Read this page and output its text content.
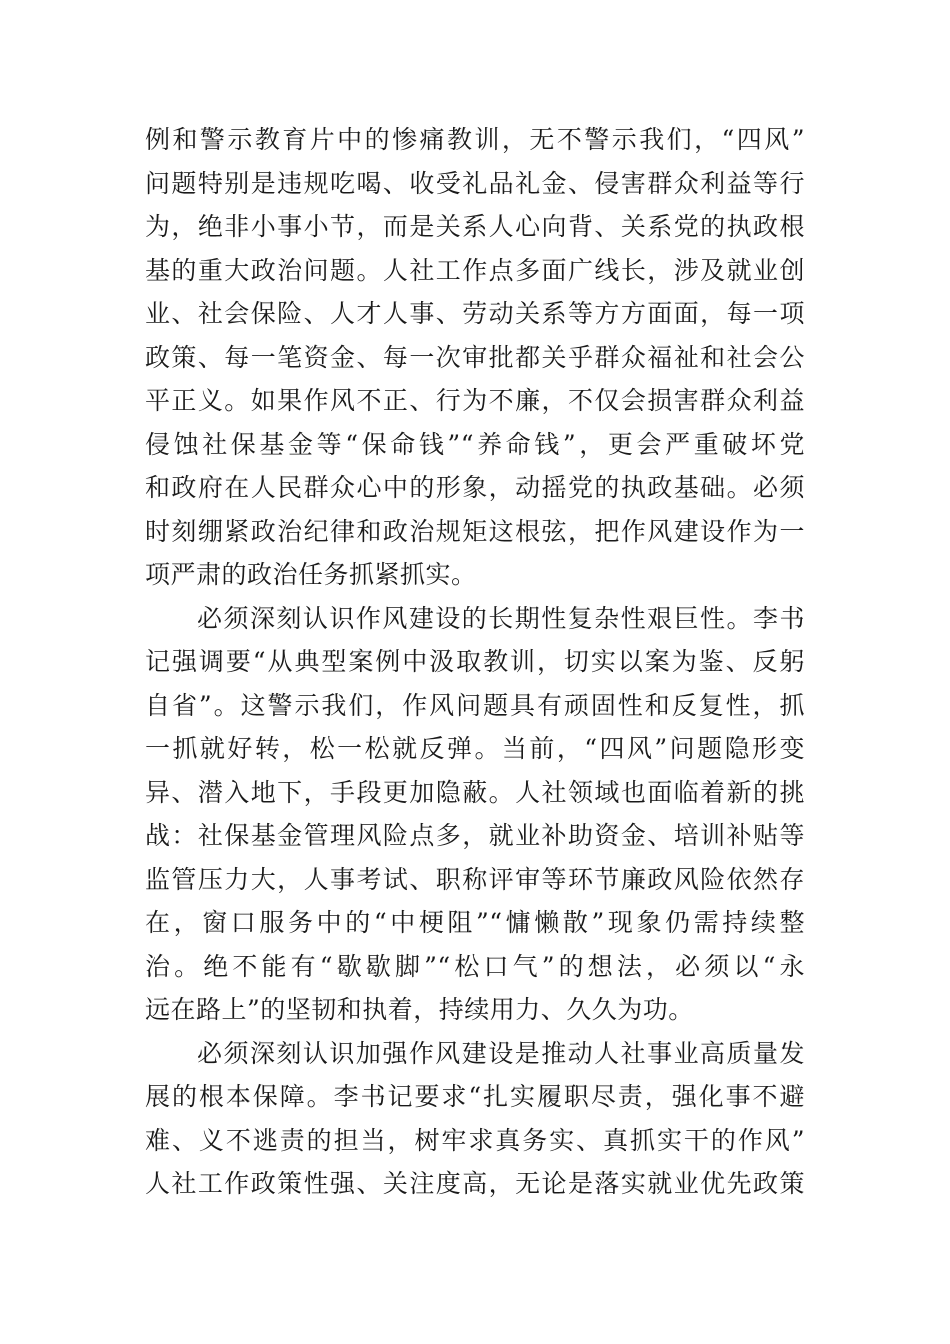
例和警示教育片中的惨痛教训，无不警示我们，“四风”
问题特别是违规吃喝、收受礼品礼金、侵害群众利益等行
为，绝非小事小节，而是关系人心向背、关系党的执政根
基的重大政治问题。人社工作点多面广线长，涉及就业创
业、社会保险、人才人事、劳动关系等方方面面，每一项
政策、每一笔资金、每一次审批都关乎群众福祉和社会公
平正义。如果作风不正、行为不廉，不仅会损害群众利益
侵蚀社保基金等“保命钱”“养命钱”，更会严重破坏党
和政府在人民群众心中的形象，动摇党的执政基础。必须
时刻绷紧政治纪律和政治规矩这根弦，把作风建设作为一
项严肃的政治任务抓紧抓实。
必须深刻认识作风建设的长期性复杂性艰巨性。李书
记强调要“从典型案例中汲取教训，切实以案为鉴、反躬
自省”。这警示我们，作风问题具有顽固性和反复性，抓
一抓就好转，松一松就反弹。当前，“四风”问题隐形变
异、潜入地下，手段更加隐蔽。人社领域也面临着新的挑
战：社保基金管理风险点多，就业补助资金、培训补贴等
监管压力大，人事考试、职称评审等环节廉政风险依然存
在，窗口服务中的“中梗阻”“慵懒散”现象仍需持续整
治。绝不能有“歇歇脚”“松口气”的想法，必须以“永
远在路上”的坚韧和执着，持续用力、久久为功。
必须深刻认识加强作风建设是推动人社事业高质量发
展的根本保障。李书记要求“扎实履职尽责，强化事不避
难、义不逃责的担当，树牢求真务实、真抓实干的作风”
人社工作政策性强、关注度高，无论是落实就业优先政策
